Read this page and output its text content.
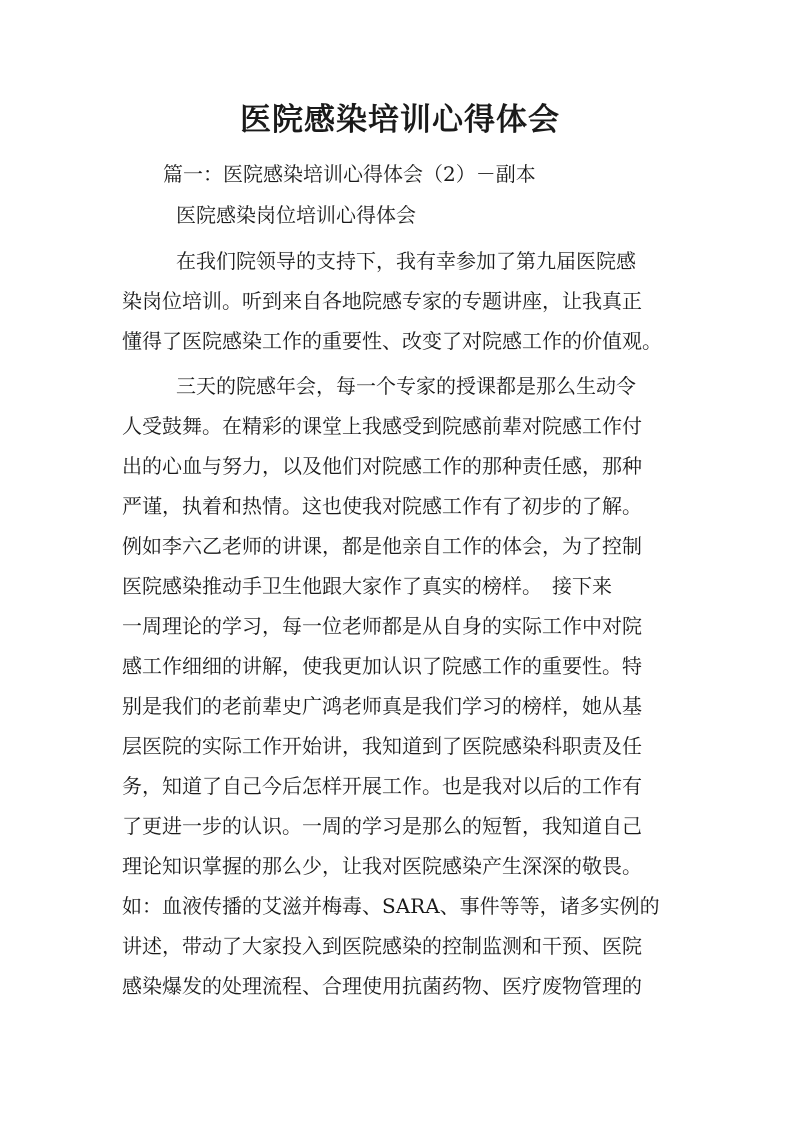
医院感染培训心得体会
篇一：医院感染培训心得体会（2）－副本
医院感染岗位培训心得体会
在我们院领导的支持下，我有幸参加了第九届医院感
染岗位培训。听到来自各地院感专家的专题讲座，让我真正
懂得了医院感染工作的重要性、改变了对院感工作的价值观。
三天的院感年会，每一个专家的授课都是那么生动令
人受鼓舞。在精彩的课堂上我感受到院感前辈对院感工作付
出的心血与努力，以及他们对院感工作的那种责任感，那种
严谨，执着和热情。这也使我对院感工作有了初步的了解。
例如李六乙老师的讲课，都是他亲自工作的体会，为了控制
医院感染推动手卫生他跟大家作了真实的榜样。　接下来
一周理论的学习，每一位老师都是从自身的实际工作中对院
感工作细细的讲解，使我更加认识了院感工作的重要性。特
别是我们的老前辈史广鸿老师真是我们学习的榜样，她从基
层医院的实际工作开始讲，我知道到了医院感染科职责及任
务，知道了自己今后怎样开展工作。也是我对以后的工作有
了更进一步的认识。一周的学习是那么的短暂，我知道自己
理论知识掌握的那么少，让我对医院感染产生深深的敬畏。
如：血液传播的艾滋并梅毒、SARA、事件等等，诸多实例的
讲述，带动了大家投入到医院感染的控制监测和干预、医院
感染爆发的处理流程、合理使用抗菌药物、医疗废物管理的
